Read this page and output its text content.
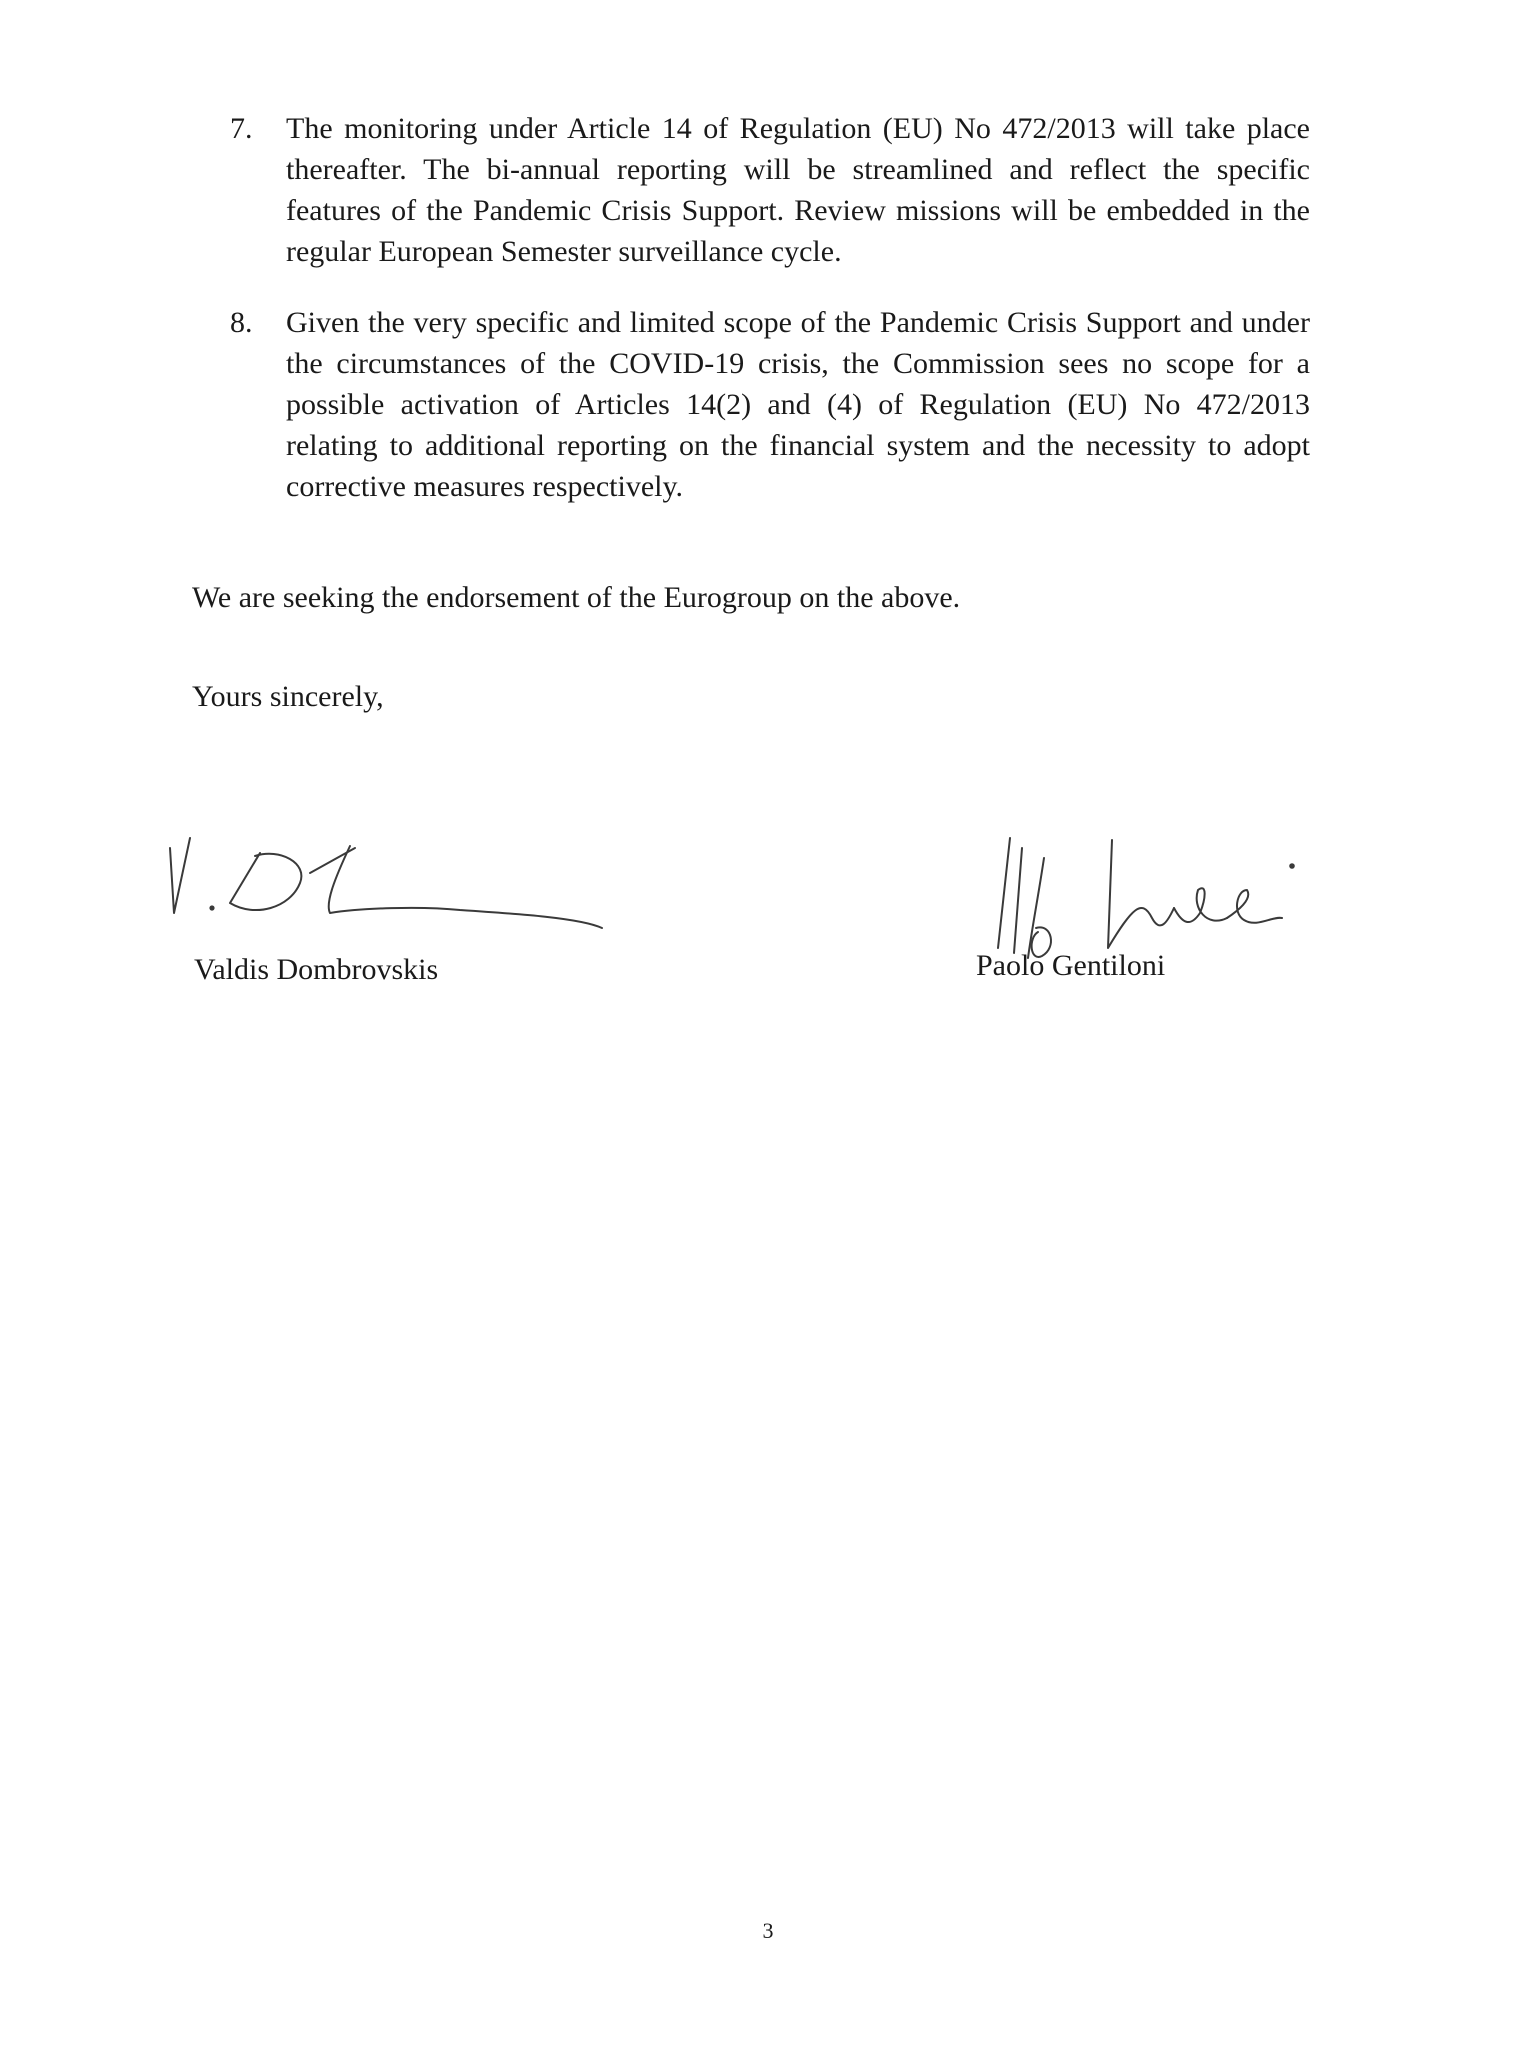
7.	The monitoring under Article 14 of Regulation (EU) No 472/2013 will take place thereafter. The bi-annual reporting will be streamlined and reflect the specific features of the Pandemic Crisis Support. Review missions will be embedded in the regular European Semester surveillance cycle.
8.	Given the very specific and limited scope of the Pandemic Crisis Support and under the circumstances of the COVID-19 crisis, the Commission sees no scope for a possible activation of Articles 14(2) and (4) of Regulation (EU) No 472/2013 relating to additional reporting on the financial system and the necessity to adopt corrective measures respectively.
We are seeking the endorsement of the Eurogroup on the above.
Yours sincerely,
Valdis Dombrovskis	Paolo Gentiloni
3
